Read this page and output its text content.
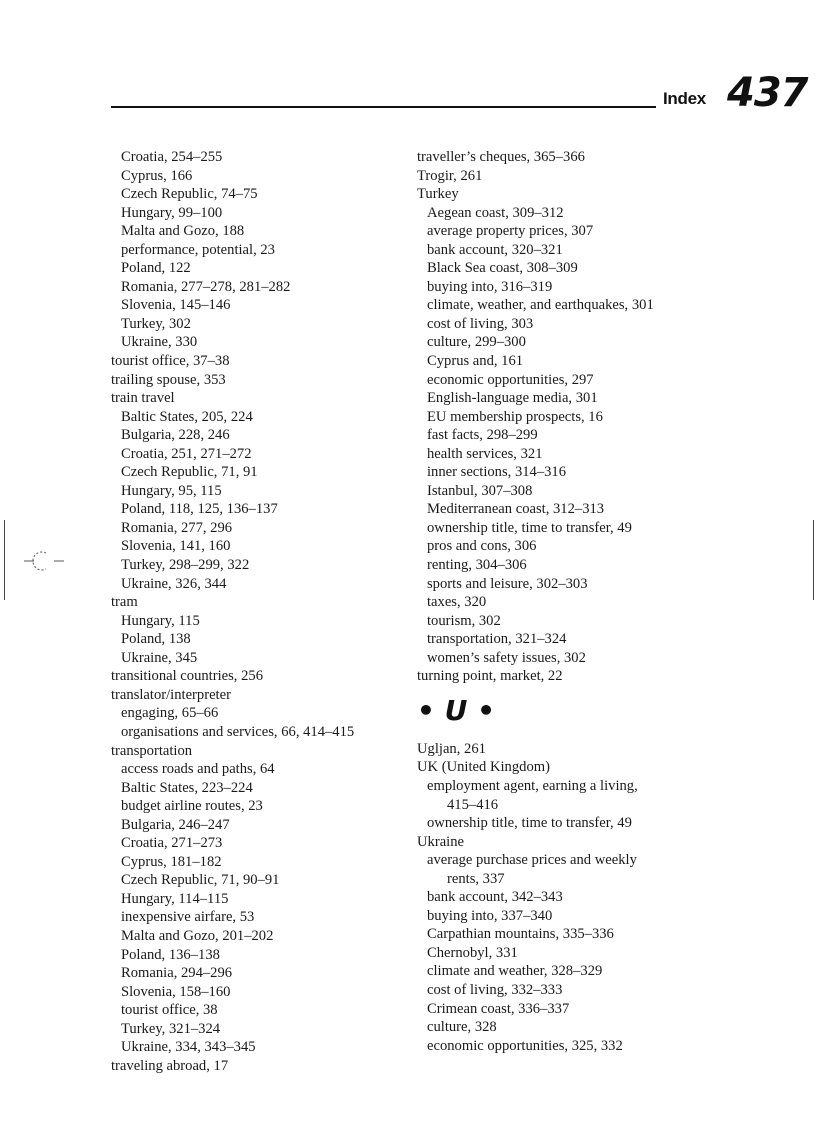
Index 437
Croatia, 254–255
Cyprus, 166
Czech Republic, 74–75
Hungary, 99–100
Malta and Gozo, 188
performance, potential, 23
Poland, 122
Romania, 277–278, 281–282
Slovenia, 145–146
Turkey, 302
Ukraine, 330
tourist office, 37–38
trailing spouse, 353
train travel
Baltic States, 205, 224
Bulgaria, 228, 246
Croatia, 251, 271–272
Czech Republic, 71, 91
Hungary, 95, 115
Poland, 118, 125, 136–137
Romania, 277, 296
Slovenia, 141, 160
Turkey, 298–299, 322
Ukraine, 326, 344
tram
Hungary, 115
Poland, 138
Ukraine, 345
transitional countries, 256
translator/interpreter
engaging, 65–66
organisations and services, 66, 414–415
transportation
access roads and paths, 64
Baltic States, 223–224
budget airline routes, 23
Bulgaria, 246–247
Croatia, 271–273
Cyprus, 181–182
Czech Republic, 71, 90–91
Hungary, 114–115
inexpensive airfare, 53
Malta and Gozo, 201–202
Poland, 136–138
Romania, 294–296
Slovenia, 158–160
tourist office, 38
Turkey, 321–324
Ukraine, 334, 343–345
traveling abroad, 17
traveller’s cheques, 365–366
Trogir, 261
Turkey
Aegean coast, 309–312
average property prices, 307
bank account, 320–321
Black Sea coast, 308–309
buying into, 316–319
climate, weather, and earthquakes, 301
cost of living, 303
culture, 299–300
Cyprus and, 161
economic opportunities, 297
English-language media, 301
EU membership prospects, 16
fast facts, 298–299
health services, 321
inner sections, 314–316
Istanbul, 307–308
Mediterranean coast, 312–313
ownership title, time to transfer, 49
pros and cons, 306
renting, 304–306
sports and leisure, 302–303
taxes, 320
tourism, 302
transportation, 321–324
women’s safety issues, 302
turning point, market, 22
• U •
Ugljan, 261
UK (United Kingdom)
employment agent, earning a living,
415–416
ownership title, time to transfer, 49
Ukraine
average purchase prices and weekly
rents, 337
bank account, 342–343
buying into, 337–340
Carpathian mountains, 335–336
Chernobyl, 331
climate and weather, 328–329
cost of living, 332–333
Crimean coast, 336–337
culture, 328
economic opportunities, 325, 332
